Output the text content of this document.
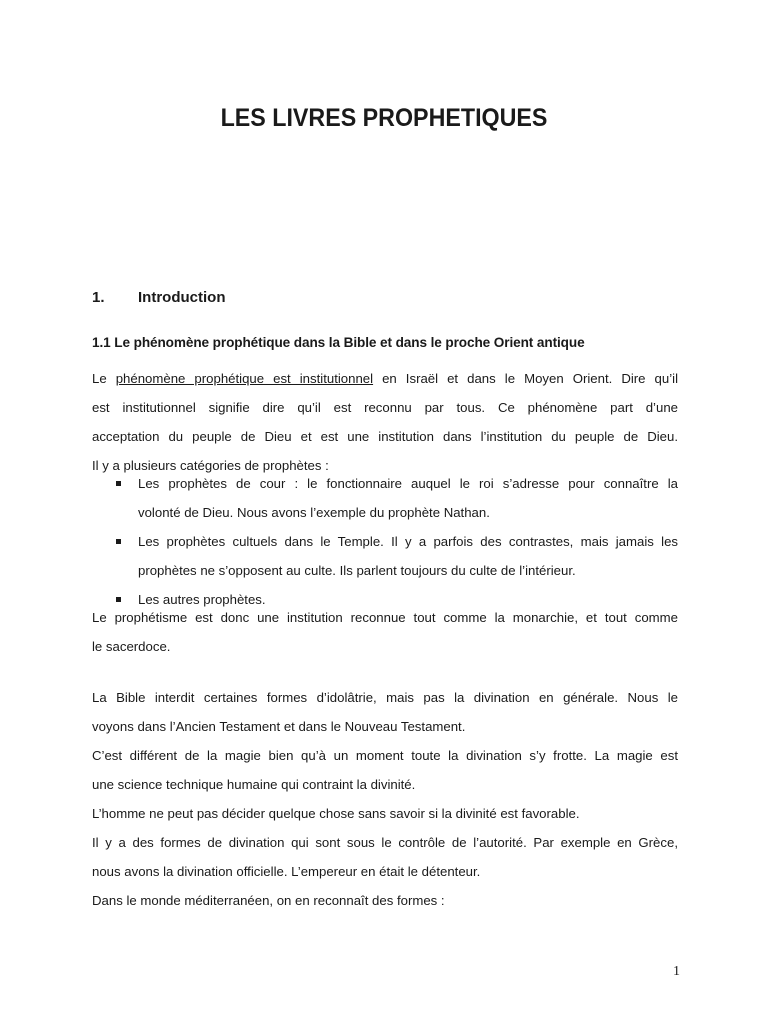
LES LIVRES PROPHETIQUES
1. Introduction
1.1 Le phénomène prophétique dans la Bible et dans le proche Orient antique
Le phénomène prophétique est institutionnel en Israël et dans le Moyen Orient. Dire qu’il
est institutionnel signifie dire qu’il est reconnu par tous. Ce phénomène part d’une
acceptation du peuple de Dieu et est une institution dans l’institution du peuple de Dieu.
Il y a plusieurs catégories de prophètes :
Les prophètes de cour : le fonctionnaire auquel le roi s’adresse pour connaître la
volonté de Dieu. Nous avons l’exemple du prophète Nathan.
Les prophètes cultuels dans le Temple. Il y a parfois des contrastes, mais jamais les
prophètes ne s’opposent au culte. Ils parlent toujours du culte de l’intérieur.
Les autres prophètes.
Le prophétisme est donc une institution reconnue tout comme la monarchie, et tout comme
le sacerdoce.
La Bible interdit certaines formes d’idolâtrie, mais pas la divination en générale. Nous le
voyons dans l’Ancien Testament et dans le Nouveau Testament.
C’est différent de la magie bien qu’à un moment toute la divination s’y frotte. La magie est
une science technique humaine qui contraint la divinité.
L’homme ne peut pas décider quelque chose sans savoir si la divinité est favorable.
Il y a des formes de divination qui sont sous le contrôle de l’autorité. Par exemple en Grèce,
nous avons la divination officielle. L’empereur en était le détenteur.
Dans le monde méditerranéen, on en reconnaît des formes :

1
